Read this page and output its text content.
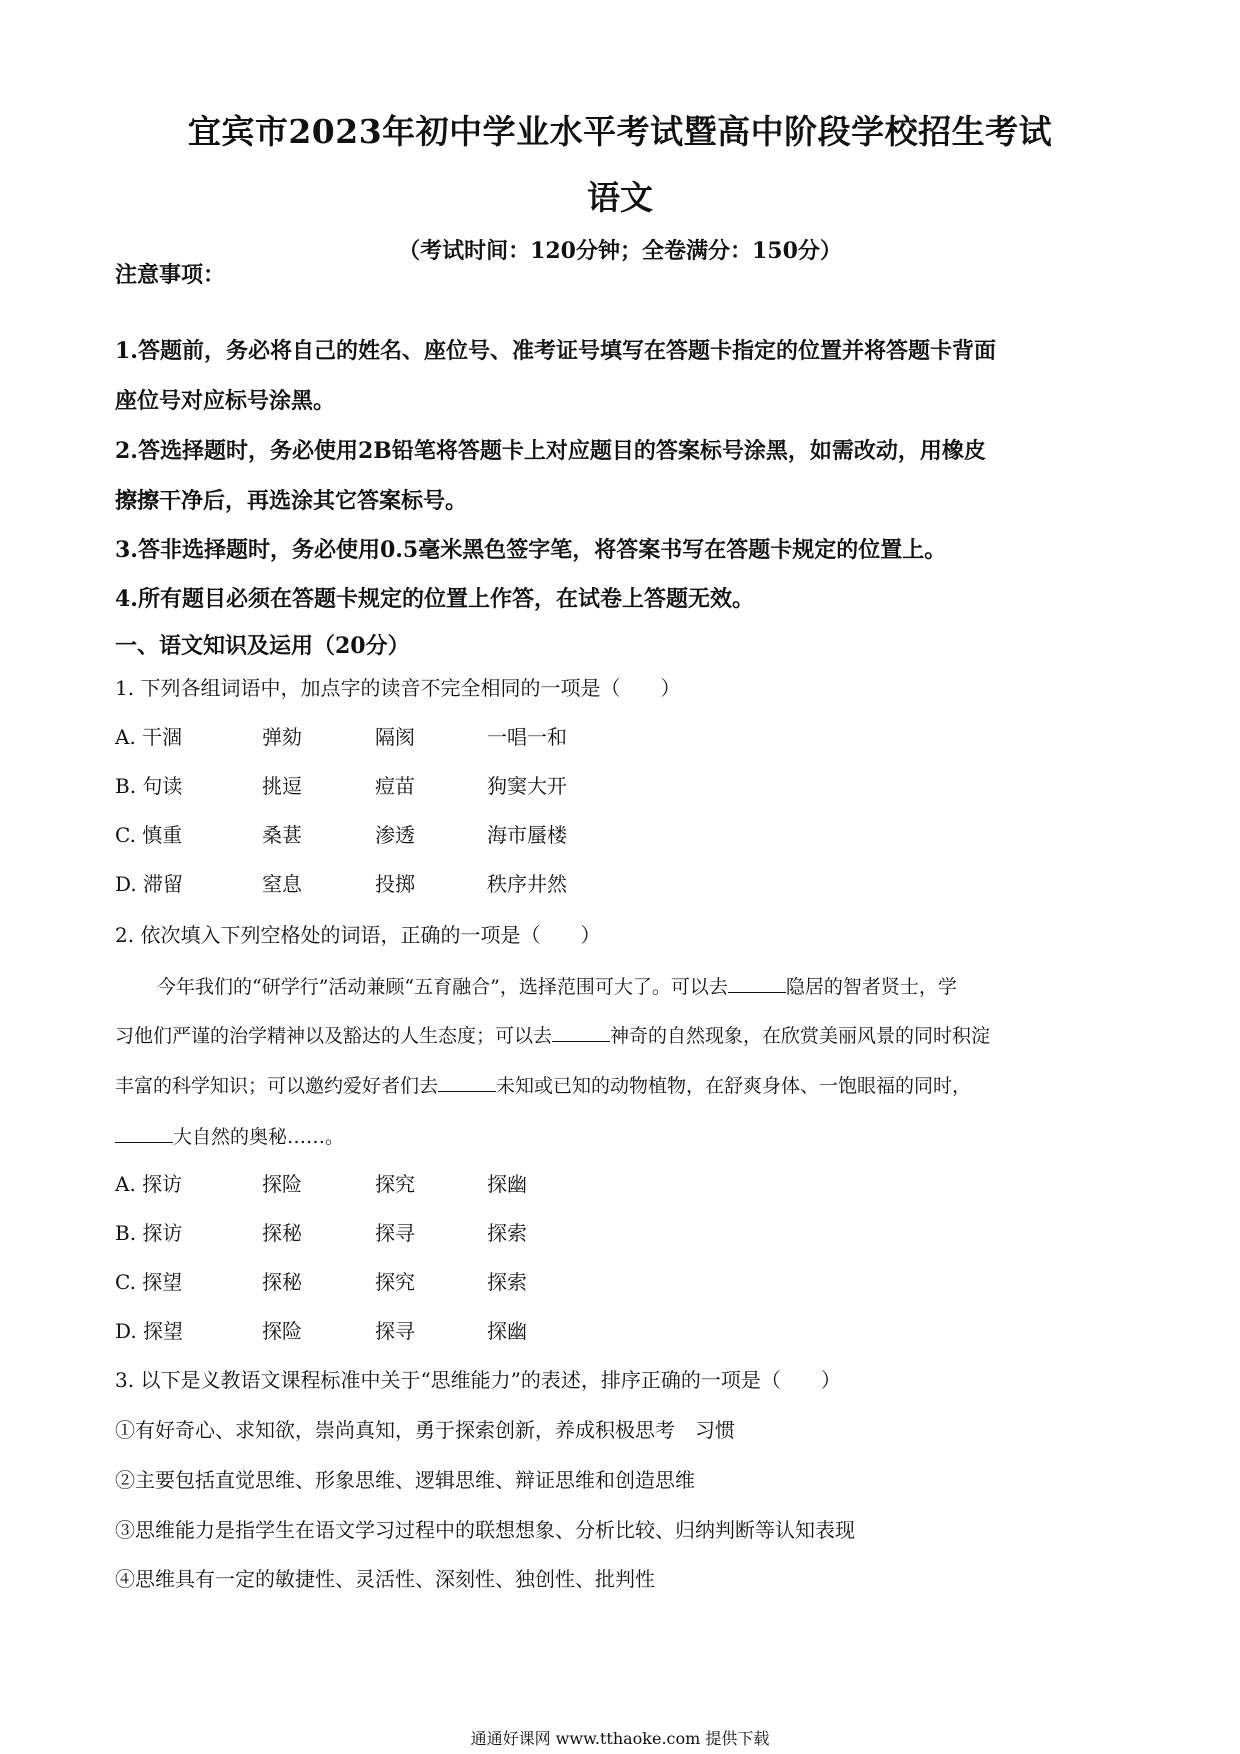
宜宾市2023年初中学业水平考试暨高中阶段学校招生考试
语文
（考试时间：120分钟；全卷满分：150分）
注意事项：
1.答题前，务必将自己的姓名、座位号、准考证号填写在答题卡指定的位置并将答题卡背面
座位号对应标号涂黑。
2.答选择题时，务必使用2B铅笔将答题卡上对应题目的答案标号涂黑，如需改动，用橡皮
擦擦干净后，再选涂其它答案标号。
3.答非选择题时，务必使用0.5毫米黑色签字笔，将答案书写在答题卡规定的位置上。
4.所有题目必须在答题卡规定的位置上作答，在试卷上答题无效。
一、语文知识及运用（20分）
1. 下列各组词语中，加点字的读音不完全相同的一项是（　　）
A. 干涸	弹劾	隔阂	一唱一和
B. 句读	挑逗	痘苗	狗窦大开
C. 慎重	桑葚	渗透	海市蜃楼
D. 滞留	窒息	投掷	秩序井然
2. 依次填入下列空格处的词语，正确的一项是（　　）
今年我们的“研学行”活动兼顾“五育融合”，选择范围可大了。可以去	隐居的智者贤士，学
习他们严谨的治学精神以及豁达的人生态度；可以去	神奇的自然现象，在欣赏美丽风景的同时积淀
丰富的科学知识；可以邀约爱好者们去	未知或已知的动物植物，在舒爽身体、一饱眼福的同时，
大自然的奥秘……。
A. 探访	探险	探究	探幽
B. 探访	探秘	探寻	探索
C. 探望	探秘	探究	探索
D. 探望	探险	探寻	探幽
3. 以下是义教语文课程标准中关于“思维能力”的表述，排序正确的一项是（　　）
①有好奇心、求知欲，崇尚真知，勇于探索创新，养成积极思考　习惯
②主要包括直觉思维、形象思维、逻辑思维、辩证思维和创造思维
③思维能力是指学生在语文学习过程中的联想想象、分析比较、归纳判断等认知表现
④思维具有一定的敏捷性、灵活性、深刻性、独创性、批判性
通通好课网 www.tthaoke.com 提供下载
